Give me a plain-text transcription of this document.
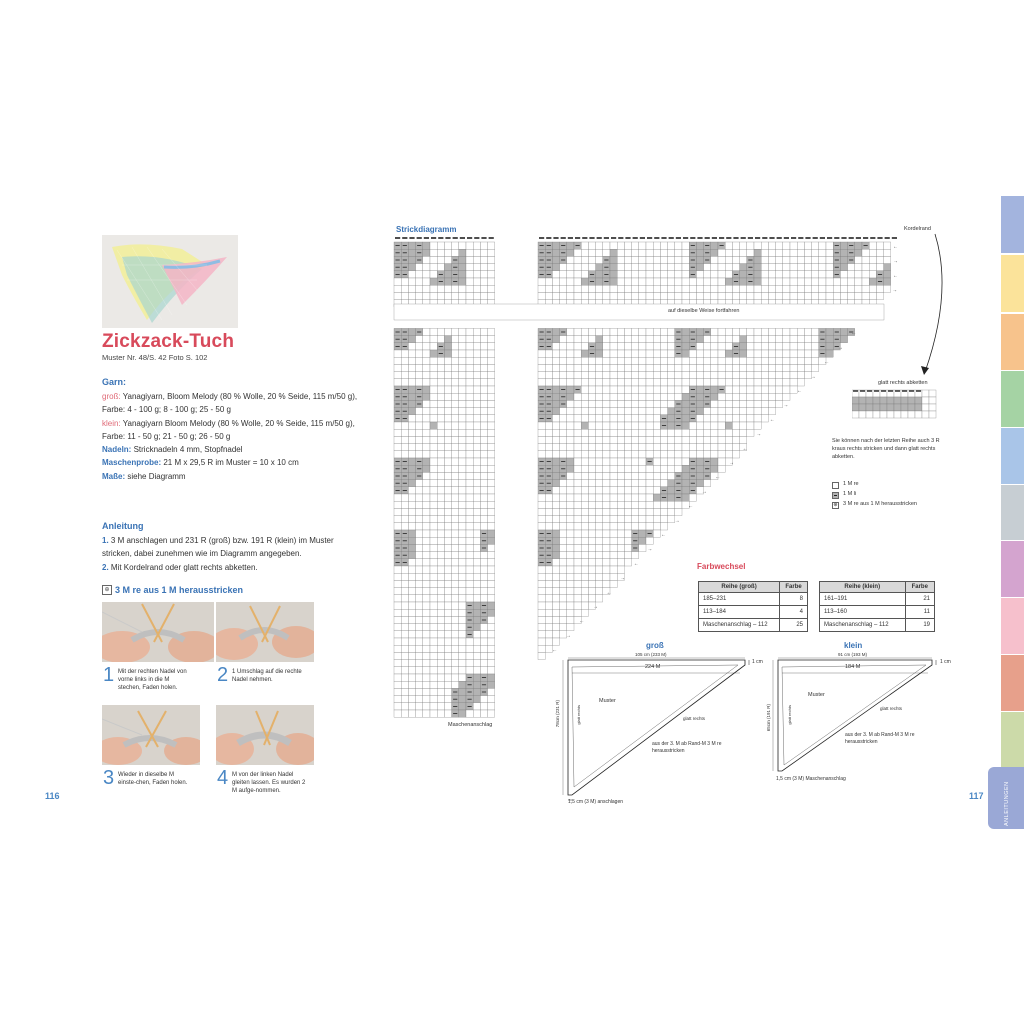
Zickzack-Tuch
Muster Nr. 48/S. 42 Foto S. 102
Garn:
groß: Yanagiyarn, Bloom Melody (80 % Wolle, 20 % Seide, 115 m/50 g),
Farbe: 4 - 100 g; 8 - 100 g; 25 - 50 g
klein: Yanagiyarn Bloom Melody (80 % Wolle, 20 % Seide, 115 m/50 g),
Farbe: 11 - 50 g; 21 - 50 g; 26 - 50 g
Nadeln: Stricknadeln 4 mm, Stopfnadel
Maschenprobe: 21 M x 29,5 R im Muster = 10 x 10 cm
Maße: siehe Diagramm
Anleitung
1. 3 M anschlagen und 231 R (groß) bzw. 191 R (klein) im Muster stricken, dabei zunehmen wie im Diagramm angegeben.
2. Mit Kordelrand oder glatt rechts abketten.
⊕ 3 M re aus 1 M herausstricken
1 Mit der rechten Nadel von vorne links in die M stechen, Faden holen.
2 1 Umschlag auf die rechte Nadel nehmen.
3 Wieder in dieselbe M einste-chen, Faden holen. 4 M von der linken Nadel gleiten lassen. Es wurden 2 M aufge-nommen.
116
Strickdiagramm	Kordelrand
←
→
←
→
←
→
←
→
←
→
←
→
←
→
←
→
←
→
←
→
←
→
←
→
←
→
←
auf dieselbe Weise fortfahren
Maschenanschlag
glatt rechts abketten
Sie können nach der letzten Reihe auch 3 R kraus rechts stricken und dann glatt rechts abketten.
1 M re
1 M li
⊕ 3 M re aus 1 M herausstricken
Farbwechsel
Reihe (groß)	Farbe
185–231	8
113–184	4
Maschenanschlag – 112	25
Reihe (klein)	Farbe
161–191	21
113–160	11
Maschenanschlag – 112	19
groß
105 cm (233 M)
224 M
1 cm
78cm (231 R)	glatt rechts
Muster
glatt rechts
aus der 3. M ab Rand-M 3 M re herausstricken
1,5 cm (3 M) anschlagen
klein
91 cm (193 M)
184 M
1 cm
65cm (191 R)	glatt rechts
Muster
glatt rechts
aus der 3. M ab Rand-M 3 M re herausstricken
1,5 cm (3 M) Maschenanschlag
117	ANLEITUNGEN
